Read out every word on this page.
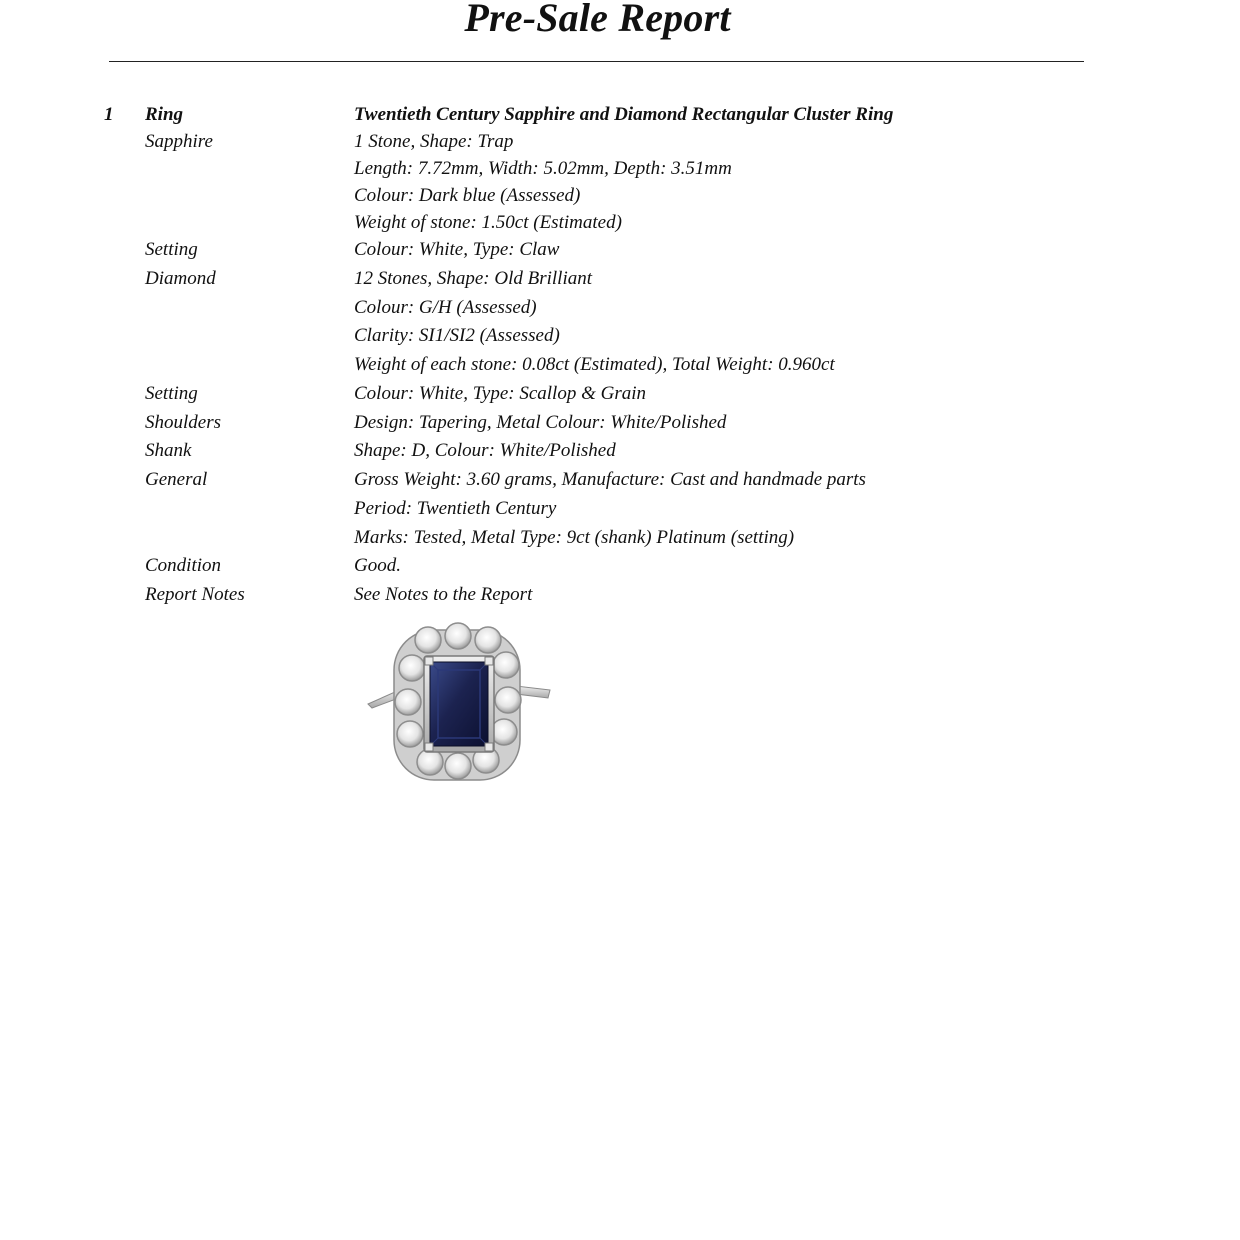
Pre-Sale Report
1 Ring	Twentieth Century Sapphire and Diamond Rectangular Cluster Ring
Sapphire	1 Stone, Shape: Trap
Length: 7.72mm, Width: 5.02mm, Depth: 3.51mm
Colour: Dark blue (Assessed)
Weight of stone: 1.50ct (Estimated)
Setting	Colour: White, Type: Claw
Diamond	12 Stones, Shape: Old Brilliant
Colour: G/H (Assessed)
Clarity: SI1/SI2 (Assessed)
Weight of each stone: 0.08ct (Estimated), Total Weight: 0.960ct
Setting	Colour: White, Type: Scallop & Grain
Shoulders	Design: Tapering, Metal Colour: White/Polished
Shank	Shape: D, Colour: White/Polished
General	Gross Weight: 3.60 grams, Manufacture: Cast and handmade parts
Period: Twentieth Century
Marks: Tested, Metal Type: 9ct (shank) Platinum (setting)
Condition	Good.
Report Notes	See Notes to the Report
